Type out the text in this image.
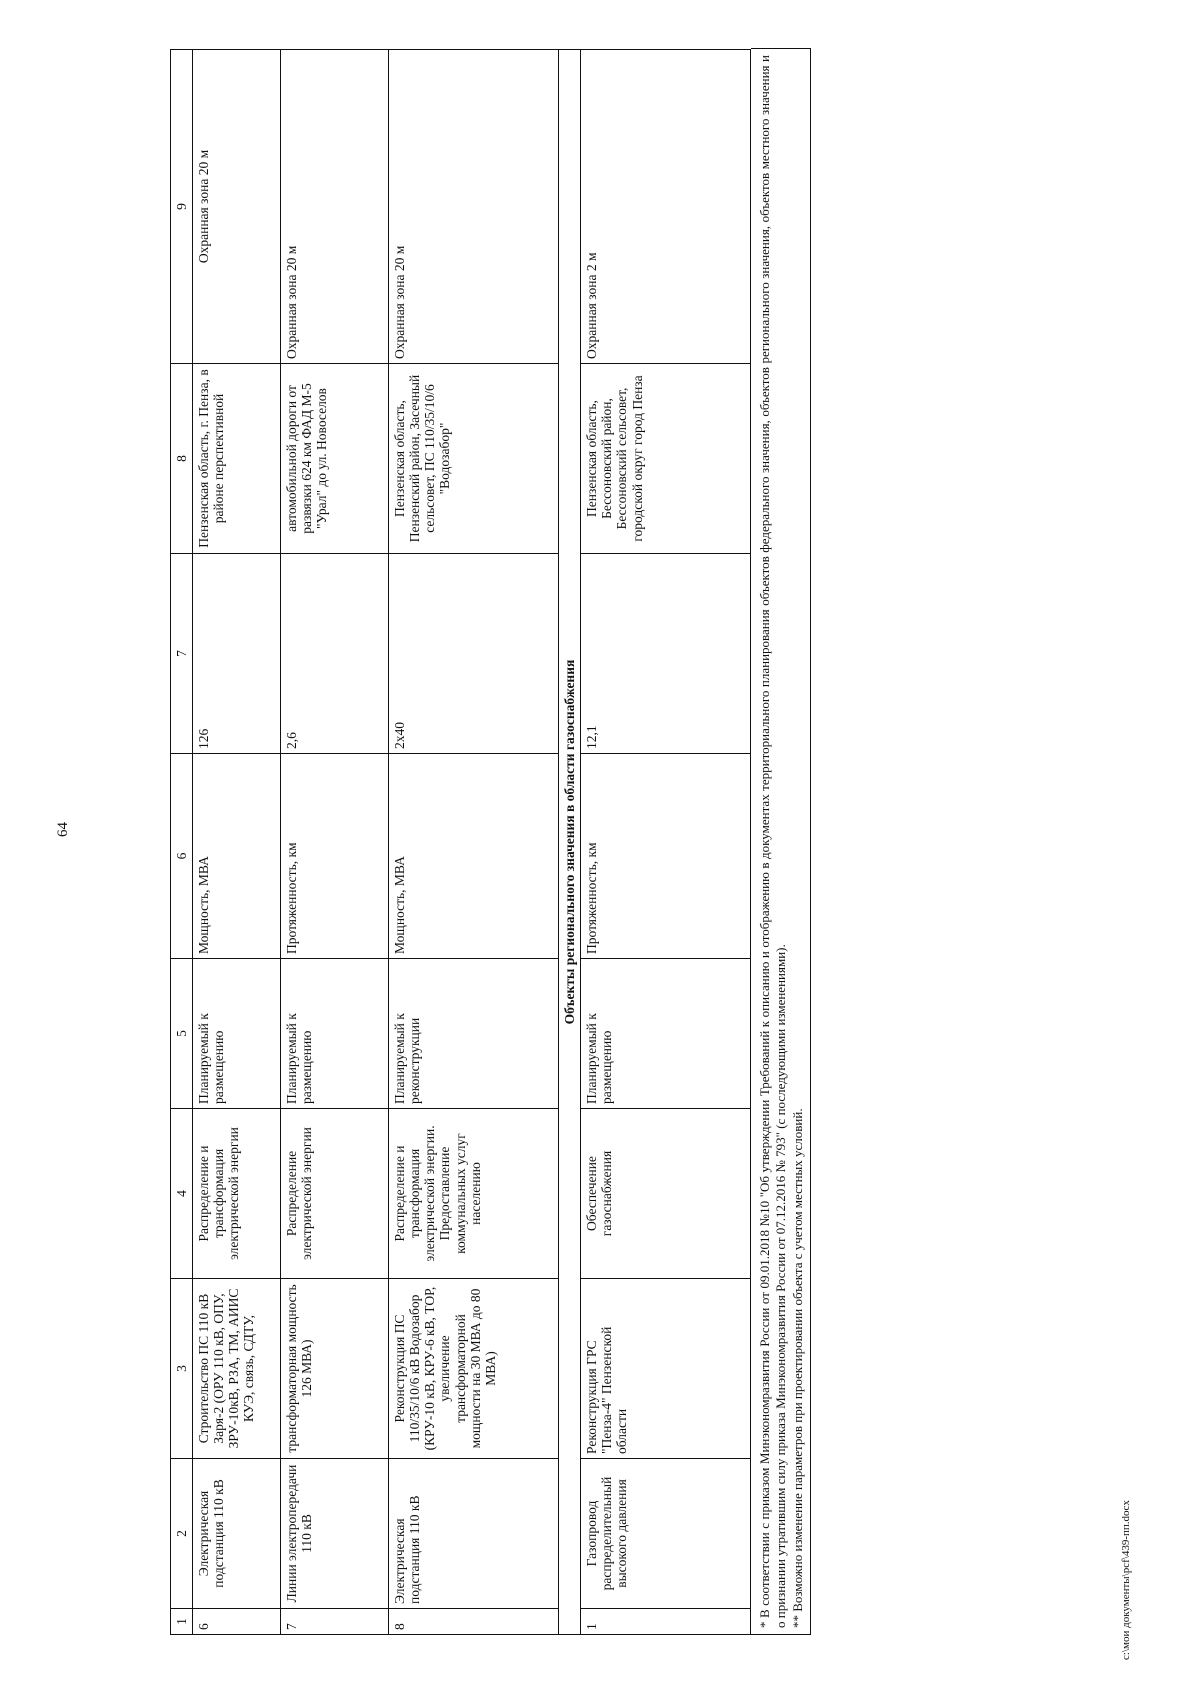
64
c:\мои документы\pcf\439-пп.docx
1	2	3	4	5	6	7	8	9
6	Электрическая подстанция 110 кВ	Строительство ПС 110 кВ Заря-2 (ОРУ 110 кВ, ОПУ, ЗРУ-10кВ, РЗА, ТМ, АИИС КУЭ, связь, СДТУ,	Распределение и трансформация электрической энергии	Планируемый к размещению	Мощность, МВА	126	Пензенская область, г. Пенза, в районе перспективной	Охранная зона 20 м
7	Линии электропередачи 110 кВ	трансформаторная мощность 126 МВА)	Распределение электрической энергии	Планируемый к размещению	Протяженность, км	2,6	автомобильной дороги от развязки 624 км ФАД М-5 "Урал" до ул. Новоселов	Охранная зона 20 м
8	Электрическая подстанция 110 кВ	Реконструкция ПС 110/35/10/6 кВ Водозабор (КРУ-10 кВ, КРУ-6 кВ, ТОР, увеличение трансформаторной мощности на 30 МВА до 80 МВА)	Распределение и трансформация электрической энергии. Предоставление коммунальных услуг населению	Планируемый к реконструкции	Мощность, МВА	2x40	Пензенская область, Пензенский район, Засечный сельсовет, ПС 110/35/10/6 "Водозабор"	Охранная зона 20 м
Объекты регионального значения в области газоснабжения								
1	Газопровод распределительный высокого давления	Реконструкция ГРС "Пенза-4" Пензенской области	Обеспечение газоснабжения	Планируемый к размещению	Протяженность, км	12,1	Пензенская область, Бессоновский район, Бессоновский сельсовет, городской округ город Пенза	Охранная зона 2 м	* В соответствии с приказом Минэкономразвития России от 09.01.2018 №10 "Об утверждении Требований к описанию и отображению в документах территориального планирования объектов федерального значения, объектов регионального значения, объектов местного значения и о признании утратившим силу приказа Минэкономразвития России от 07.12.2016 № 793" (с последующими изменениями). ** Возможно изменение параметров при проектировании объекта с учетом местных условий.
